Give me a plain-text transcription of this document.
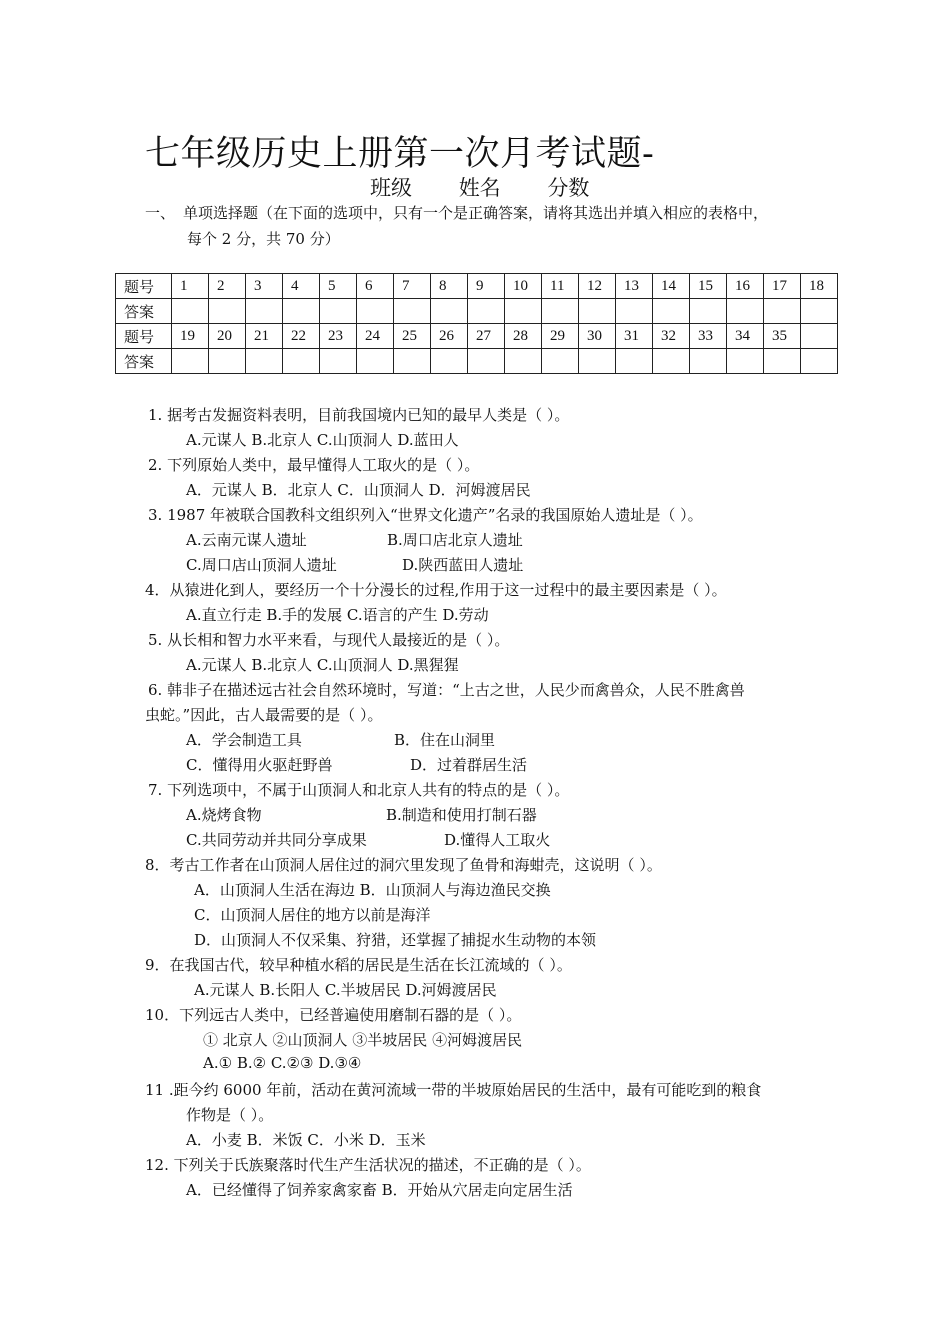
七年级历史上册第一次月考试题-
班级 姓名 分数
一、 单项选择题（在下面的选项中，只有一个是正确答案，请将其选出并填入相应的表格中，
每个 2 分，共 70 分）
题号	1	2	3	4	5	6	7	8	9	10	11	12	13	14	15	16	17	18
答案																		
题号	19	20	21	22	23	24	25	26	27	28	29	30	31	32	33	34	35	
答案																		
1. 据考古发掘资料表明，目前我国境内已知的最早人类是（ ）。
A.元谋人 B.北京人 C.山顶洞人 D.蓝田人
2. 下列原始人类中，最早懂得人工取火的是（ ）。
A．元谋人 B．北京人 C．山顶洞人 D．河姆渡居民
3. 1987 年被联合国教科文组织列入“世界文化遗产”名录的我国原始人遗址是（ ）。
A.云南元谋人遗址	B.周口店北京人遗址
C.周口店山顶洞人遗址	D.陕西蓝田人遗址
4．从猿进化到人，要经历一个十分漫长的过程,作用于这一过程中的最主要因素是（ ）。
A.直立行走 B.手的发展 C.语言的产生 D.劳动
5. 从长相和智力水平来看，与现代人最接近的是（ ）。
A.元谋人 B.北京人 C.山顶洞人 D.黑猩猩
6. 韩非子在描述远古社会自然环境时，写道：“上古之世，人民少而禽兽众，人民不胜禽兽
虫蛇。”因此，古人最需要的是（ ）。
A．学会制造工具	B．住在山洞里
C．懂得用火驱赶野兽	D．过着群居生活
7. 下列选项中，不属于山顶洞人和北京人共有的特点的是（ ）。
A.烧烤食物	B.制造和使用打制石器
C.共同劳动并共同分享成果	D.懂得人工取火
8．考古工作者在山顶洞人居住过的洞穴里发现了鱼骨和海蚶壳，这说明（ ）。
A．山顶洞人生活在海边 B．山顶洞人与海边渔民交换
C．山顶洞人居住的地方以前是海洋
D．山顶洞人不仅采集、狩猎，还掌握了捕捉水生动物的本领
9．在我国古代，较早种植水稻的居民是生活在长江流域的（ ）。
A.元谋人 B.长阳人 C.半坡居民 D.河姆渡居民
10．下列远古人类中，已经普遍使用磨制石器的是（ ）。
① 北京人 ②山顶洞人 ③半坡居民 ④河姆渡居民
A.① B.② C.②③ D.③④
11 .距今约 6000 年前，活动在黄河流域一带的半坡原始居民的生活中，最有可能吃到的粮食
作物是（ ）。
A．小麦 B．米饭 C．小米 D．玉米
12. 下列关于氏族聚落时代生产生活状况的描述，不正确的是（ ）。
A．已经懂得了饲养家禽家畜 B．开始从穴居走向定居生活
